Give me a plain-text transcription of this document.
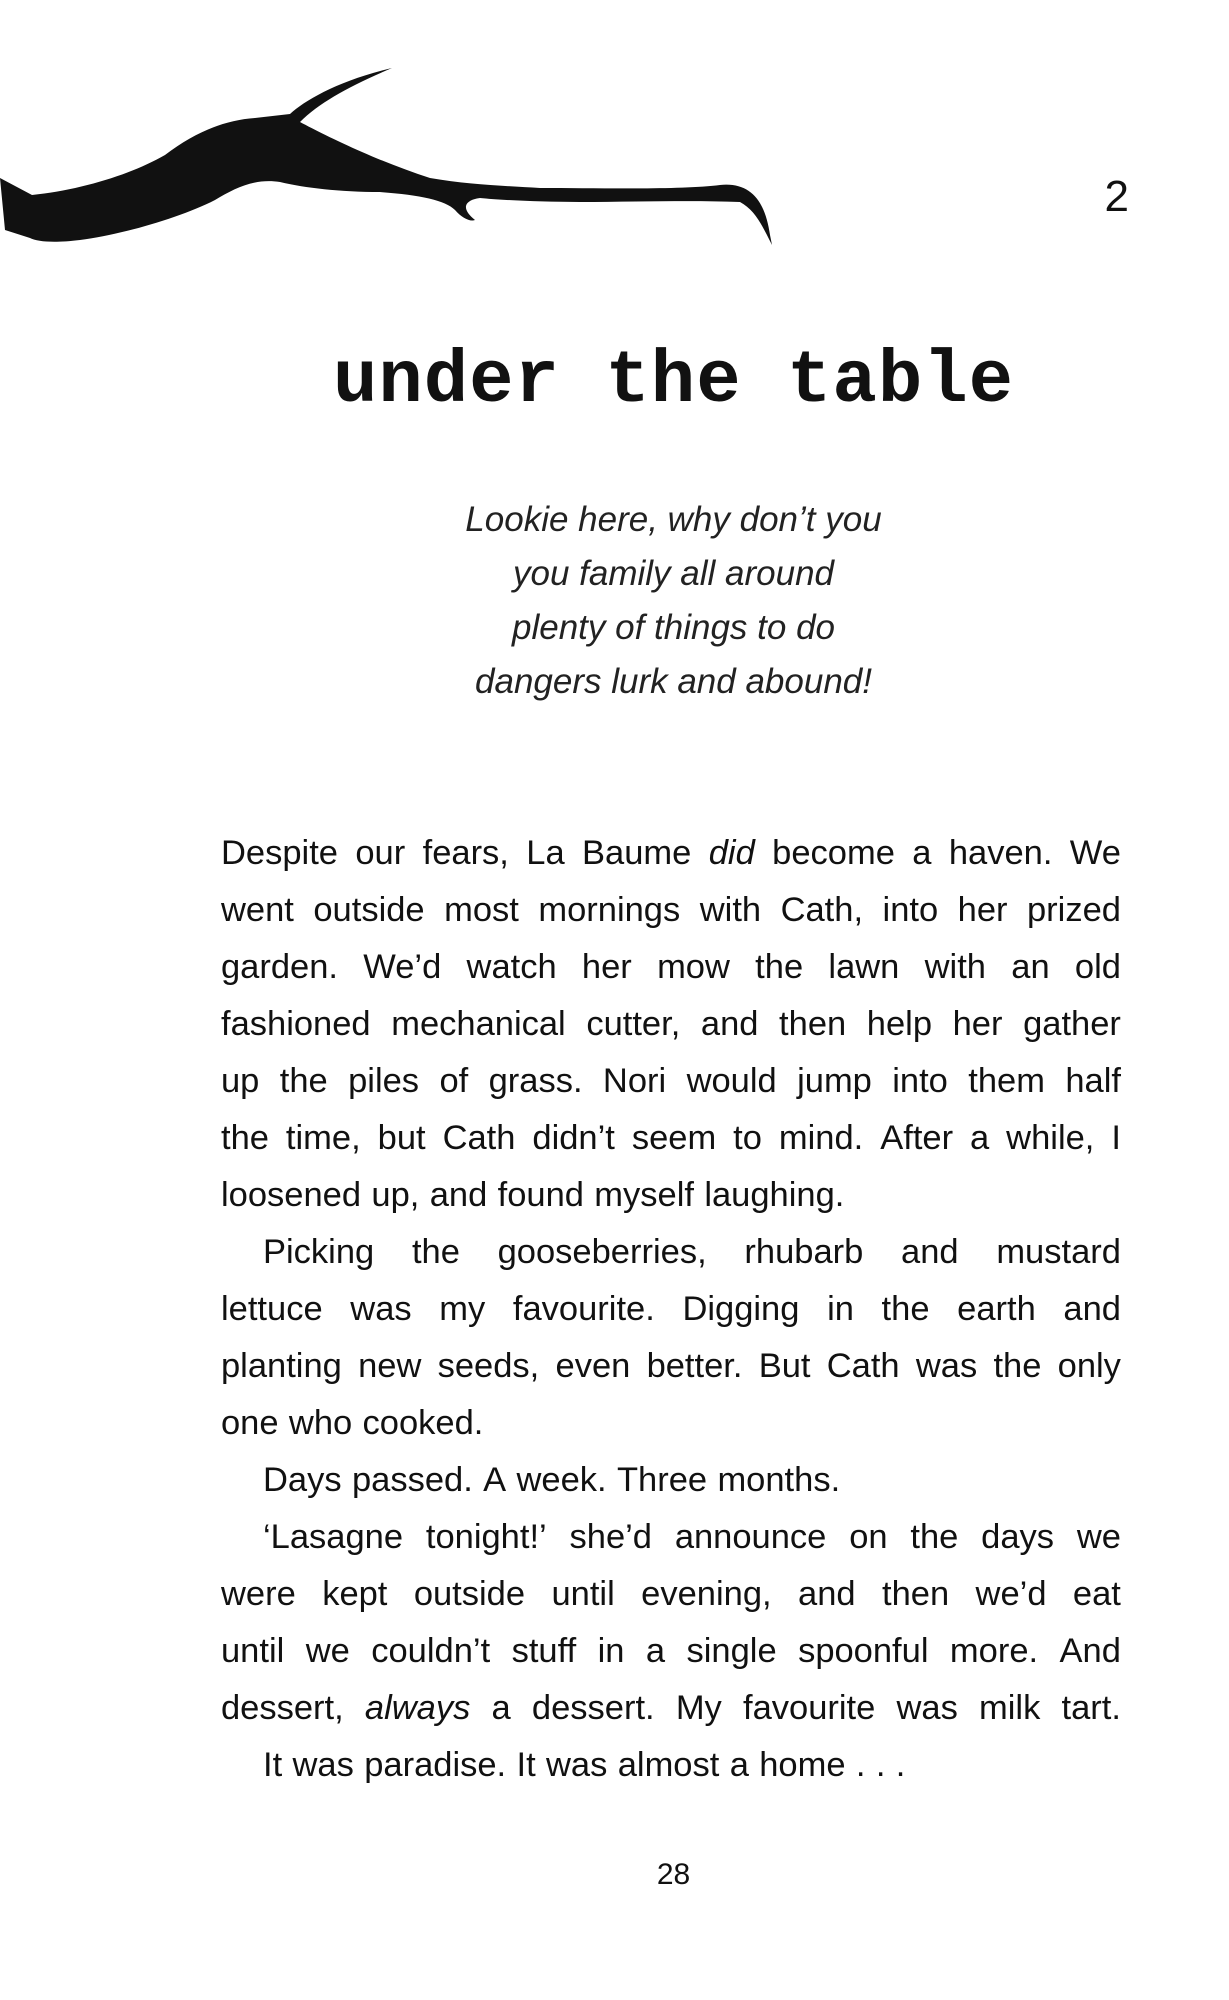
2
under the table
Lookie here, why don’t you
you family all around
plenty of things to do
dangers lurk and abound!
Despite our fears, La Baume did become a haven. We
went outside most mornings with Cath, into her prized
garden. We’d watch her mow the lawn with an old
fashioned mechanical cutter, and then help her gather
up the piles of grass. Nori would jump into them half
the time, but Cath didn’t seem to mind. After a while, I
loosened up, and found myself laughing.
Picking the gooseberries, rhubarb and mustard
lettuce was my favourite. Digging in the earth and
planting new seeds, even better. But Cath was the only
one who cooked.
Days passed. A week. Three months.
‘Lasagne tonight!’ she’d announce on the days we
were kept outside until evening, and then we’d eat
until we couldn’t stuff in a single spoonful more. And
dessert, always a dessert. My favourite was milk tart.
It was paradise. It was almost a home . . .
28
